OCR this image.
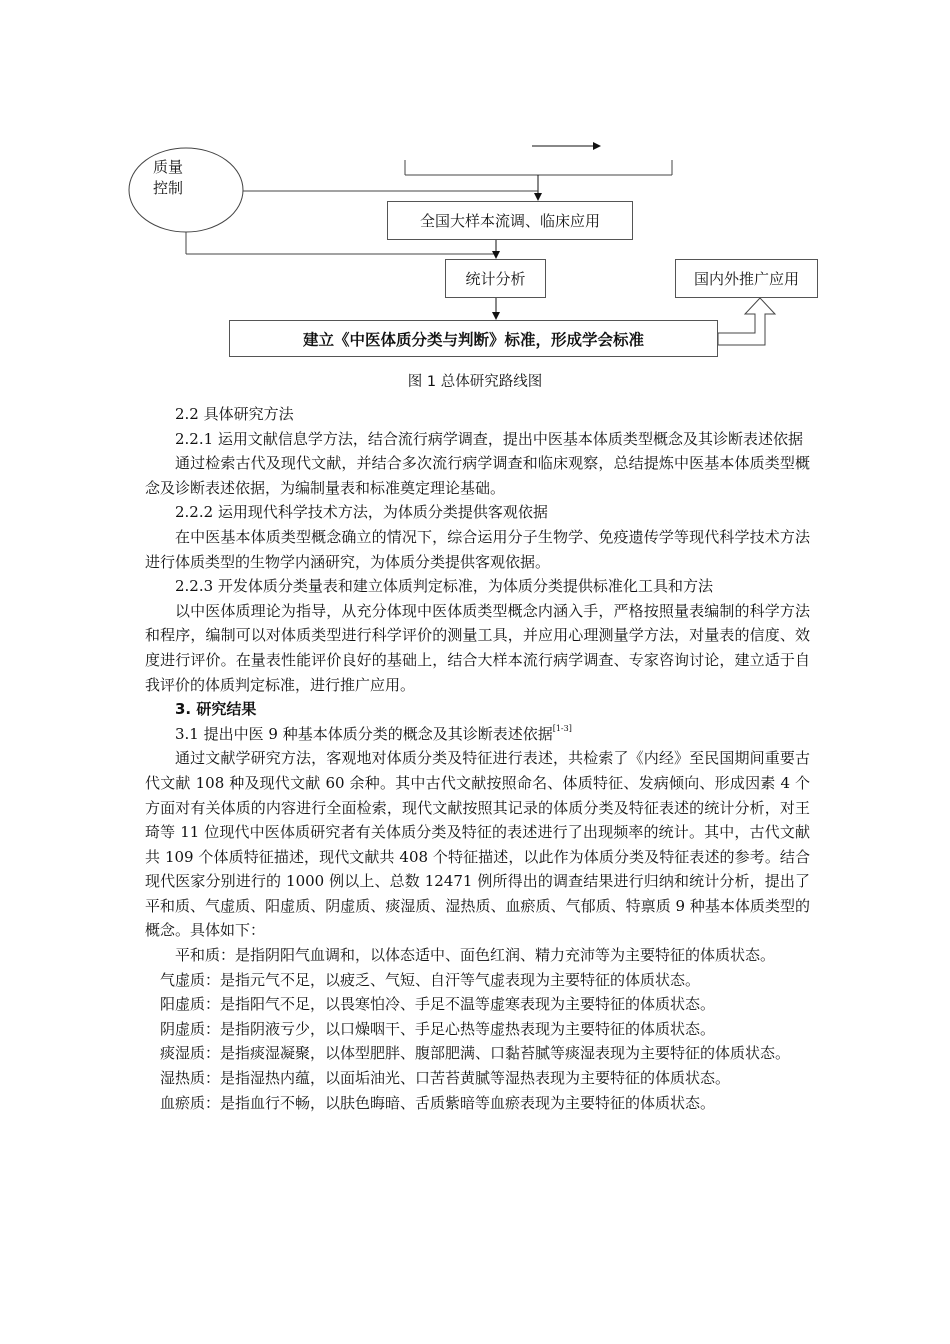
质量
控制
全国大样本流调、临床应用
统计分析	国内外推广应用
建立《中医体质分类与判断》标准，形成学会标准
图 1 总体研究路线图

2.2 具体研究方法

2.2.1 运用文献信息学方法，结合流行病学调查，提出中医基本体质类型概念及其诊断表述依据

通过检索古代及现代文献，并结合多次流行病学调查和临床观察，总结提炼中医基本体质类型概念及诊断表述依据，为编制量表和标准奠定理论基础。

2.2.2 运用现代科学技术方法，为体质分类提供客观依据

在中医基本体质类型概念确立的情况下，综合运用分子生物学、免疫遗传学等现代科学技术方法进行体质类型的生物学内涵研究，为体质分类提供客观依据。

2.2.3 开发体质分类量表和建立体质判定标准，为体质分类提供标准化工具和方法

以中医体质理论为指导，从充分体现中医体质类型概念内涵入手，严格按照量表编制的科学方法和程序，编制可以对体质类型进行科学评价的测量工具，并应用心理测量学方法，对量表的信度、效度进行评价。在量表性能评价良好的基础上，结合大样本流行病学调查、专家咨询讨论，建立适于自我评价的体质判定标准，进行推广应用。

3. 研究结果

3.1 提出中医 9 种基本体质分类的概念及其诊断表述依据[1-3]

通过文献学研究方法，客观地对体质分类及特征进行表述，共检索了《内经》至民国期间重要古代文献 108 种及现代文献 60 余种。其中古代文献按照命名、体质特征、发病倾向、形成因素 4 个方面对有关体质的内容进行全面检索，现代文献按照其记录的体质分类及特征表述的统计分析，对王琦等 11 位现代中医体质研究者有关体质分类及特征的表述进行了出现频率的统计。其中，古代文献共 109 个体质特征描述，现代文献共 408 个特征描述，以此作为体质分类及特征表述的参考。结合现代医家分别进行的 1000 例以上、总数 12471 例所得出的调查结果进行归纳和统计分析，提出了平和质、气虚质、阳虚质、阴虚质、痰湿质、湿热质、血瘀质、气郁质、特禀质 9 种基本体质类型的概念。具体如下：

平和质：是指阴阳气血调和，以体态适中、面色红润、精力充沛等为主要特征的体质状态。

气虚质：是指元气不足，以疲乏、气短、自汗等气虚表现为主要特征的体质状态。

阳虚质：是指阳气不足，以畏寒怕冷、手足不温等虚寒表现为主要特征的体质状态。

阴虚质：是指阴液亏少，以口燥咽干、手足心热等虚热表现为主要特征的体质状态。

痰湿质：是指痰湿凝聚，以体型肥胖、腹部肥满、口黏苔腻等痰湿表现为主要特征的体质状态。

湿热质：是指湿热内蕴，以面垢油光、口苦苔黄腻等湿热表现为主要特征的体质状态。

血瘀质：是指血行不畅，以肤色晦暗、舌质紫暗等血瘀表现为主要特征的体质状态。
